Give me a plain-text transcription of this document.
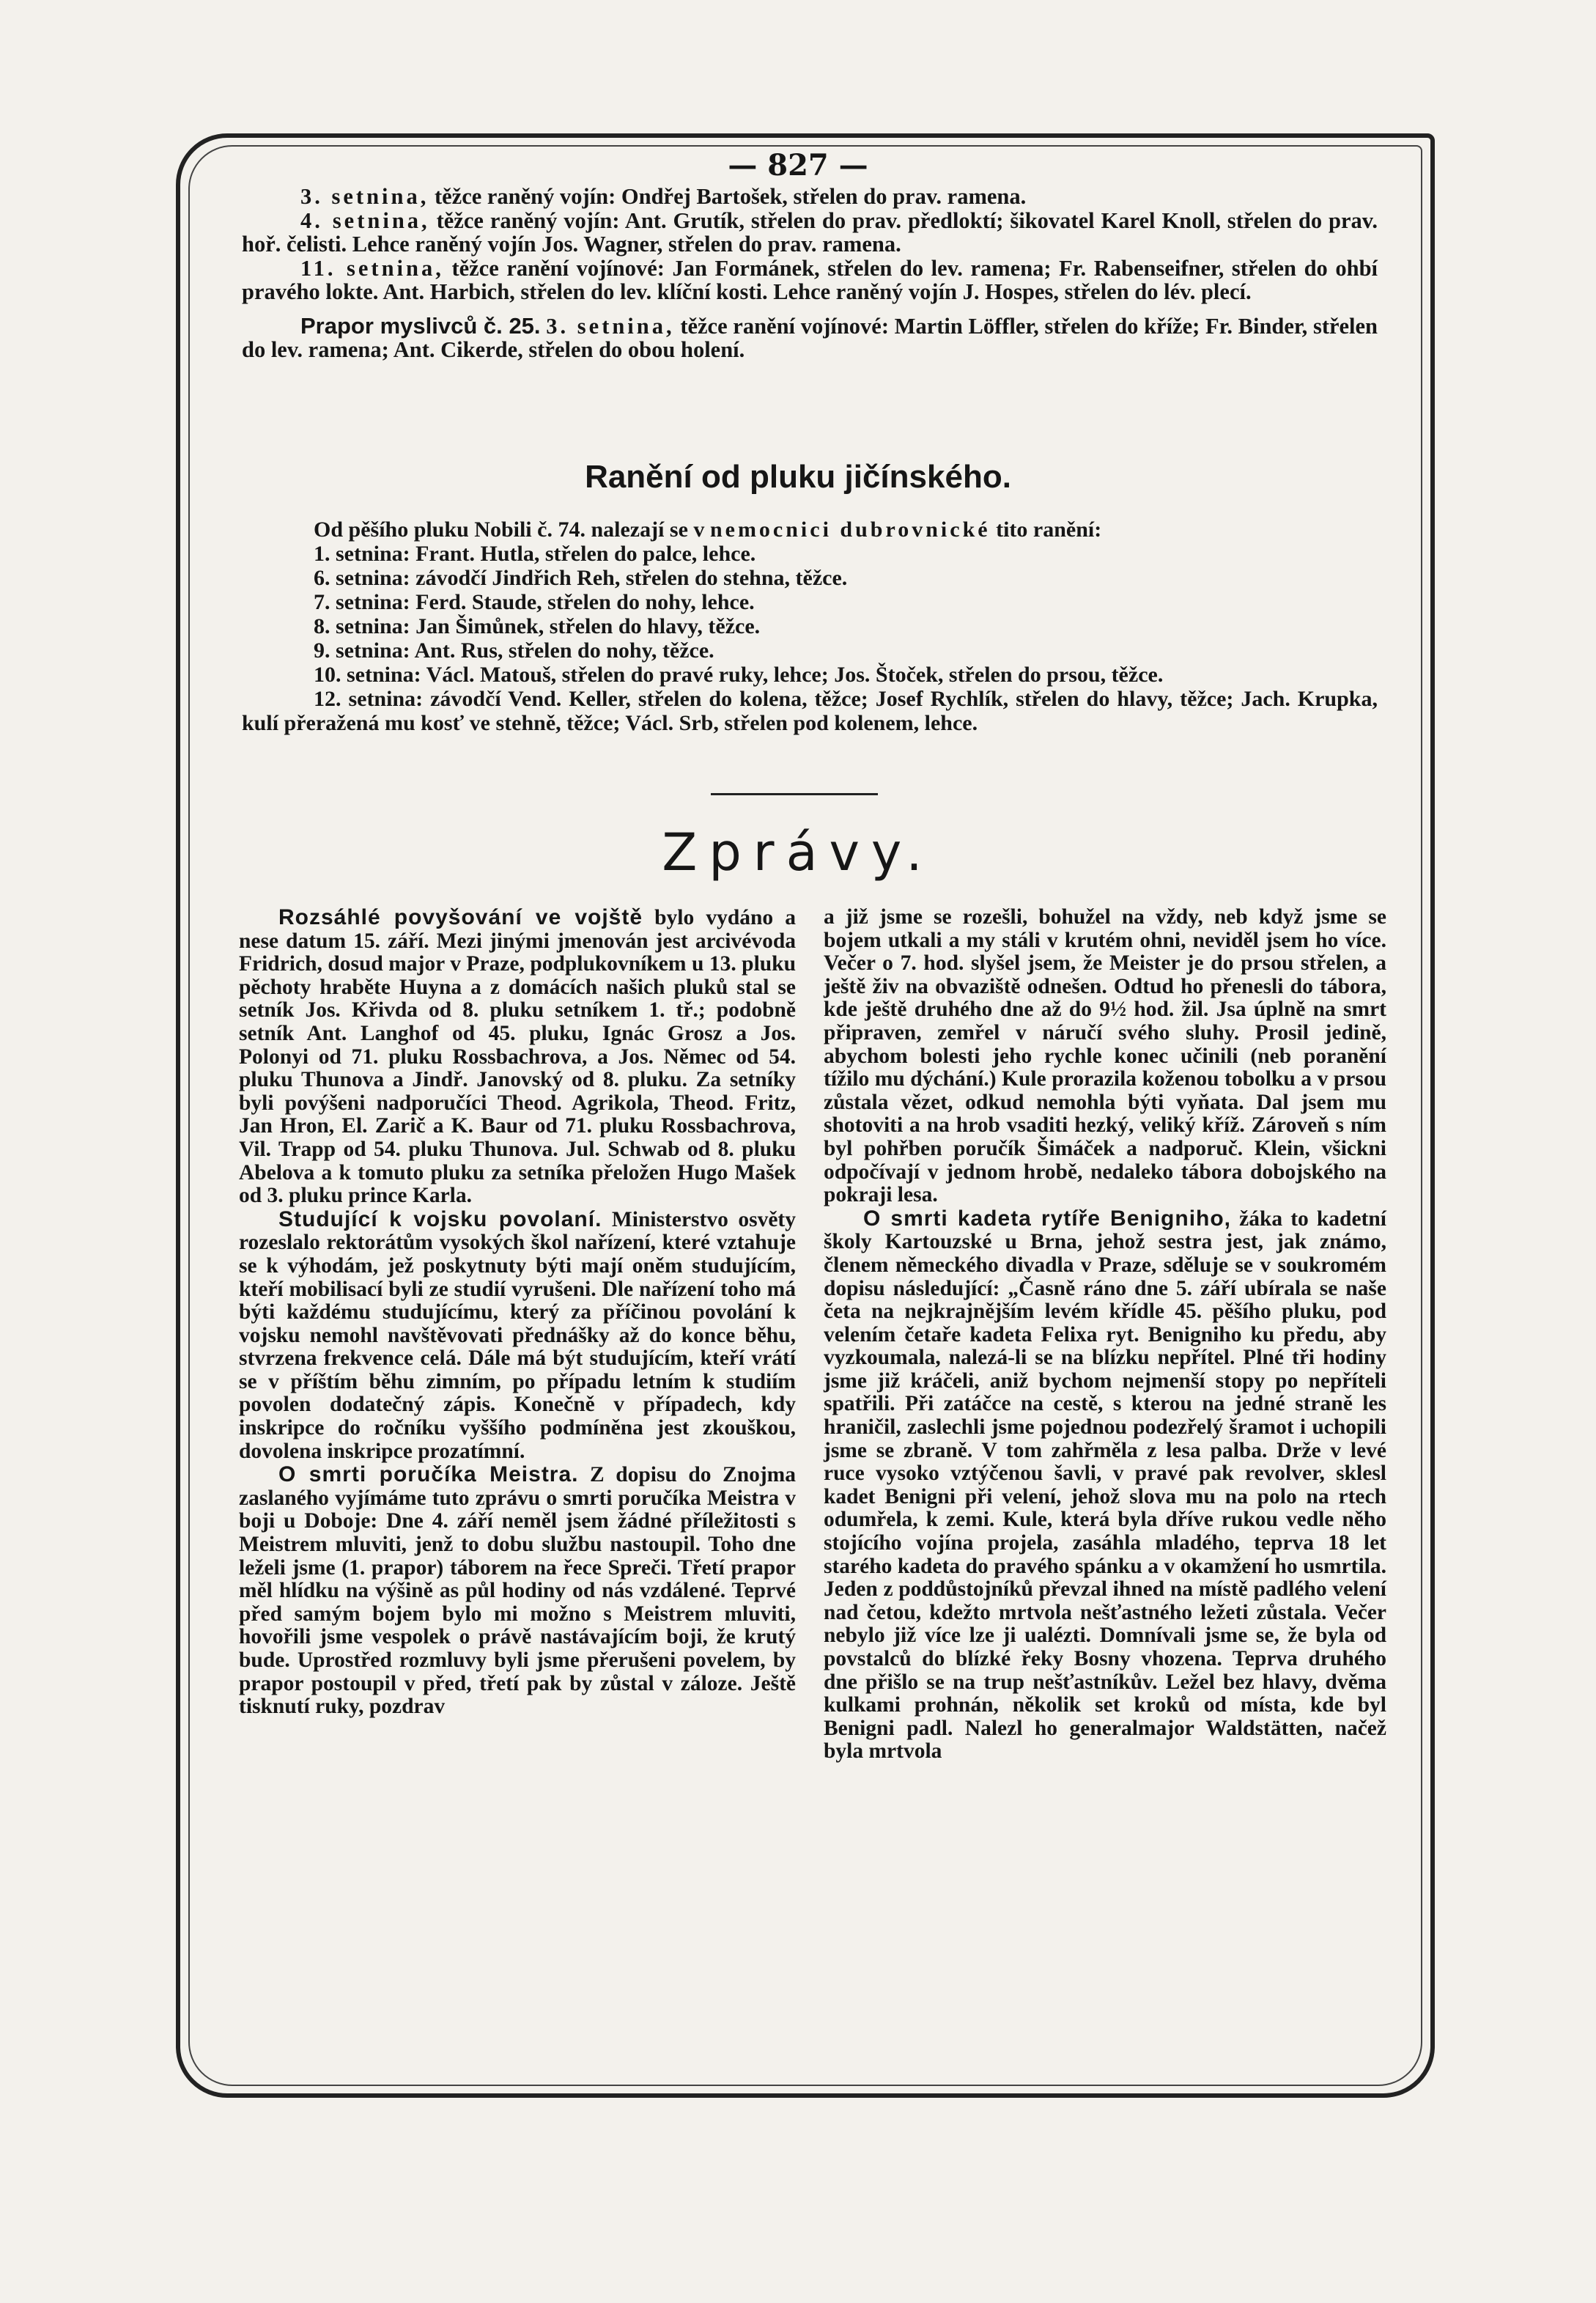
— 827 —

3. setnina, těžce raněný vojín: Ondřej Bartošek, střelen do prav. ramena.

4. setnina, těžce raněný vojín: Ant. Grutík, střelen do prav. předloktí; šikovatel Karel Knoll, střelen do prav. hoř. čelisti. Lehce raněný vojín Jos. Wagner, střelen do prav. ramena.

11. setnina, těžce ranění vojínové: Jan Formánek, střelen do lev. ramena; Fr. Rabenseifner, střelen do ohbí pravého lokte. Ant. Harbich, střelen do lev. klíční kosti. Lehce raněný vojín J. Hospes, střelen do lév. plecí.

Prapor myslivců č. 25. 3. setnina, těžce ranění vojínové: Martin Löffler, střelen do kříže; Fr. Binder, střelen do lev. ramena; Ant. Cikerde, střelen do obou holení.

Ranění od pluku jičínského.
Od pěšího pluku Nobili č. 74. nalezají se v nemocnici dubrovnické tito ranění:
1. setnina: Frant. Hutla, střelen do palce, lehce.
6. setnina: závodčí Jindřich Reh, střelen do stehna, těžce.
7. setnina: Ferd. Staude, střelen do nohy, lehce.
8. setnina: Jan Šimůnek, střelen do hlavy, těžce.
9. setnina: Ant. Rus, střelen do nohy, těžce.
10. setnina: Václ. Matouš, střelen do pravé ruky, lehce; Jos. Štoček, střelen do prsou, těžce.
12. setnina: závodčí Vend. Keller, střelen do kolena, těžce; Josef Rychlík, střelen do hlavy, těžce; Jach. Krupka, kulí přeražená mu kosť ve stehně, těžce; Václ. Srb, střelen pod kolenem, lehce.
Zprávy.

Rozsáhlé povyšování ve vojště bylo vydáno a nese datum 15. září. Mezi jinými jmenován jest arcivévoda Fridrich, dosud major v Praze, podplukovníkem u 13. pluku pěchoty hraběte Huyna a z domácích našich pluků stal se setník Jos. Křivda od 8. pluku setníkem 1. tř.; podobně setník Ant. Langhof od 45. pluku, Ignác Grosz a Jos. Polonyi od 71. pluku Rossbachrova, a Jos. Němec od 54. pluku Thunova a Jindř. Janovský od 8. pluku. Za setníky byli povýšeni nadporučíci Theod. Agrikola, Theod. Fritz, Jan Hron, El. Zarič a K. Baur od 71. pluku Rossbachrova, Vil. Trapp od 54. pluku Thunova. Jul. Schwab od 8. pluku Abelova a k tomuto pluku za setníka přeložen Hugo Mašek od 3. pluku prince Karla.

Studující k vojsku povolaní. Ministerstvo osvěty rozeslalo rektorátům vysokých škol nařízení, které vztahuje se k výhodám, jež poskytnuty býti mají oněm studujícím, kteří mobilisací byli ze studií vyrušeni. Dle nařízení toho má býti každému studujícímu, který za příčinou povolání k vojsku nemohl navštěvovati přednášky až do konce běhu, stvrzena frekvence celá. Dále má být studujícím, kteří vrátí se v příštím běhu zimním, po případu letním k studiím povolen dodatečný zápis. Konečně v případech, kdy inskripce do ročníku vyššího podmíněna jest zkouškou, dovolena inskripce prozatímní.

O smrti poručíka Meistra. Z dopisu do Znojma zaslaného vyjímáme tuto zprávu o smrti poručíka Meistra v boji u Doboje: Dne 4. září neměl jsem žádné příležitosti s Meistrem mluviti, jenž to dobu službu nastoupil. Toho dne leželi jsme (1. prapor) táborem na řece Spreči. Třetí prapor měl hlídku na výšině as půl hodiny od nás vzdálené. Teprvé před samým bojem bylo mi možno s Meistrem mluviti, hovořili jsme vespolek o právě nastávajícím boji, že krutý bude. Uprostřed rozmluvy byli jsme přerušeni povelem, by prapor postoupil v před, třetí pak by zůstal v záloze. Ještě tisknutí ruky, pozdrav

a již jsme se rozešli, bohužel na vždy, neb když jsme se bojem utkali a my stáli v krutém ohni, neviděl jsem ho více. Večer o 7. hod. slyšel jsem, že Meister je do prsou střelen, a ještě živ na obvaziště odnešen. Odtud ho přenesli do tábora, kde ještě druhého dne až do 9½ hod. žil. Jsa úplně na smrt připraven, zemřel v náručí svého sluhy. Prosil jedině, abychom bolesti jeho rychle konec učinili (neb poranění tížilo mu dýchání.) Kule prorazila koženou tobolku a v prsou zůstala vězet, odkud nemohla býti vyňata. Dal jsem mu shotoviti a na hrob vsaditi hezký, veliký kříž. Zároveň s ním byl pohřben poručík Šimáček a nadporuč. Klein, všickni odpočívají v jednom hrobě, nedaleko tábora dobojského na pokraji lesa.

O smrti kadeta rytíře Benigniho, žáka to kadetní školy Kartouzské u Brna, jehož sestra jest, jak známo, členem německého divadla v Praze, sděluje se v soukromém dopisu následující: „Časně ráno dne 5. září ubírala se naše četa na nejkrajnějším levém křídle 45. pěšího pluku, pod velením četaře kadeta Felixa ryt. Benigniho ku předu, aby vyzkoumala, nalezá-li se na blízku nepřítel. Plné tři hodiny jsme již kráčeli, aniž bychom nejmenší stopy po nepříteli spatřili. Při zatáčce na cestě, s kterou na jedné straně les hraničil, zaslechli jsme pojednou podezřelý šramot i uchopili jsme se zbraně. V tom zahřměla z lesa palba. Drže v levé ruce vysoko vztýčenou šavli, v pravé pak revolver, sklesl kadet Benigni při velení, jehož slova mu na polo na rtech odumřela, k zemi. Kule, která byla dříve rukou vedle něho stojícího vojína projela, zasáhla mladého, teprva 18 let starého kadeta do pravého spánku a v okamžení ho usmrtila. Jeden z poddůstojníků převzal ihned na místě padlého velení nad četou, kdežto mrtvola nešťastného ležeti zůstala. Večer nebylo již více lze ji ualézti. Domnívali jsme se, že byla od povstalců do blízké řeky Bosny vhozena. Teprva druhého dne přišlo se na trup nešťastníkův. Ležel bez hlavy, dvěma kulkami prohnán, několik set kroků od místa, kde byl Benigni padl. Nalezl ho generalmajor Waldstätten, načež byla mrtvola
